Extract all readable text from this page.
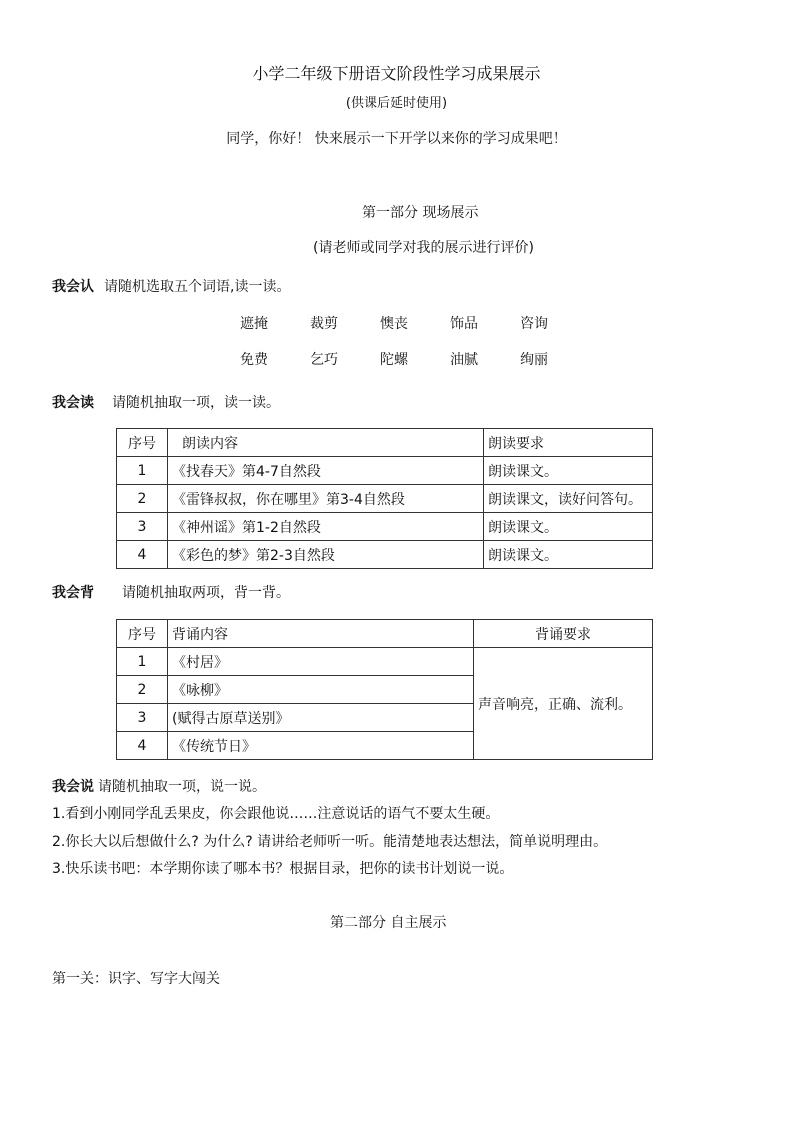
小学二年级下册语文阶段性学习成果展示
(供课后延时使用)
同学，你好！ 快来展示一下开学以来你的学习成果吧！
第一部分 现场展示
(请老师或同学对我的展示进行评价)
我会认 请随机选取五个词语,读一读。
遮掩	裁剪	懊丧	饰品	咨询
免费	乞巧	陀螺	油腻	绚丽
我会读 请随机抽取一项，读一读。
序号	朗读内容	朗读要求
1	《找春天》第4-7自然段	朗读课文。
2	《雷锋叔叔，你在哪里》第3-4自然段	朗读课文，读好问答句。
3	《神州谣》第1-2自然段	朗读课文。
4	《彩色的梦》第2-3自然段	朗读课文。
我会背 请随机抽取两项，背一背。
序号	背诵内容	背诵要求
1	《村居》	声音响亮，正确、流利。
2	《咏柳》	
3	(赋得古原草送别》	
4	《传统节日》	
我会说 请随机抽取一项，说一说。
1.看到小刚同学乱丢果皮，你会跟他说……注意说话的语气不要太生硬。
2.你长大以后想做什么? 为什么? 请讲给老师听一听。能清楚地表达想法，简单说明理由。
3.快乐读书吧：本学期你读了哪本书？根据目录，把你的读书计划说一说。
第二部分 自主展示
第一关：识字、写字大闯关
